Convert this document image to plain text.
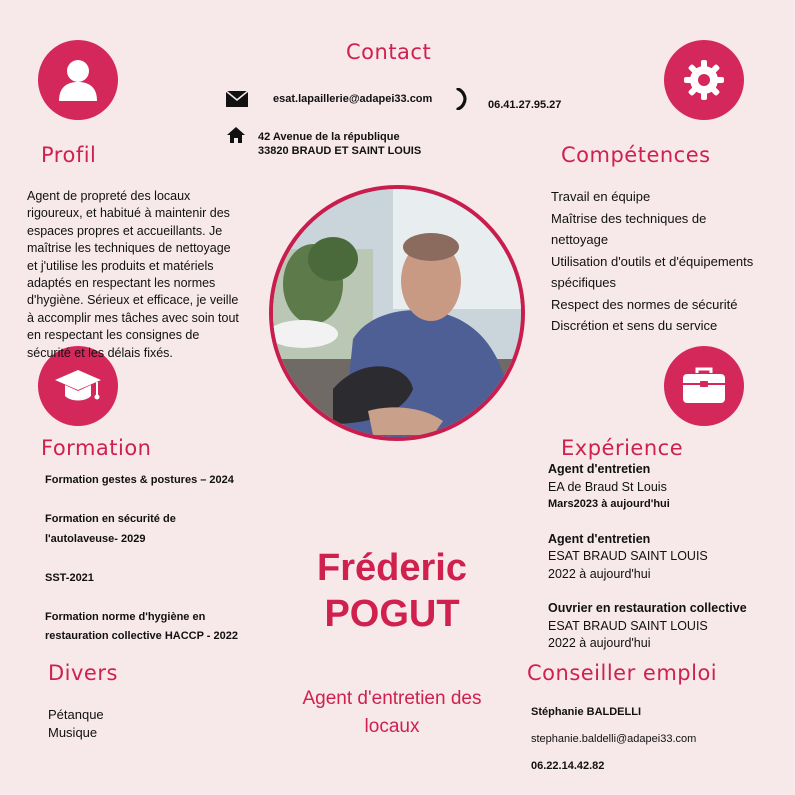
Contact
esat.lapaillerie@adapei33.com	06.41.27.95.27
42 Avenue de la république
33820 BRAUD ET SAINT LOUIS
Profil
Agent de propreté des locaux
rigoureux, et habitué à maintenir des
espaces propres et accueillants. Je
maîtrise les techniques de nettoyage
et j'utilise les produits et matériels
adaptés en respectant les normes
d'hygiène. Sérieux et efficace, je veille
à accomplir mes tâches avec soin tout
en respectant les consignes de
sécurité et les délais fixés.
Compétences
Travail en équipe
Maîtrise des techniques de
nettoyage
Utilisation d'outils et d'équipements
spécifiques
Respect des normes de sécurité
Discrétion et sens du service
Formation
Formation gestes & postures – 2024
Formation en sécurité de
l'autolaveuse- 2029
SST-2021
Formation norme d'hygiène en
restauration collective HACCP - 2022
Expérience
Agent d'entretien
EA de Braud St Louis
Mars2023 à aujourd'hui
Agent d'entretien
ESAT BRAUD SAINT LOUIS
2022 à aujourd'hui
Ouvrier en restauration collective
ESAT BRAUD SAINT LOUIS
2022 à aujourd'hui
Fréderic
POGUT
Agent d'entretien des
locaux
Divers
Pétanque
Musique
Conseiller emploi
Stéphanie BALDELLI
stephanie.baldelli@adapei33.com
06.22.14.42.82
